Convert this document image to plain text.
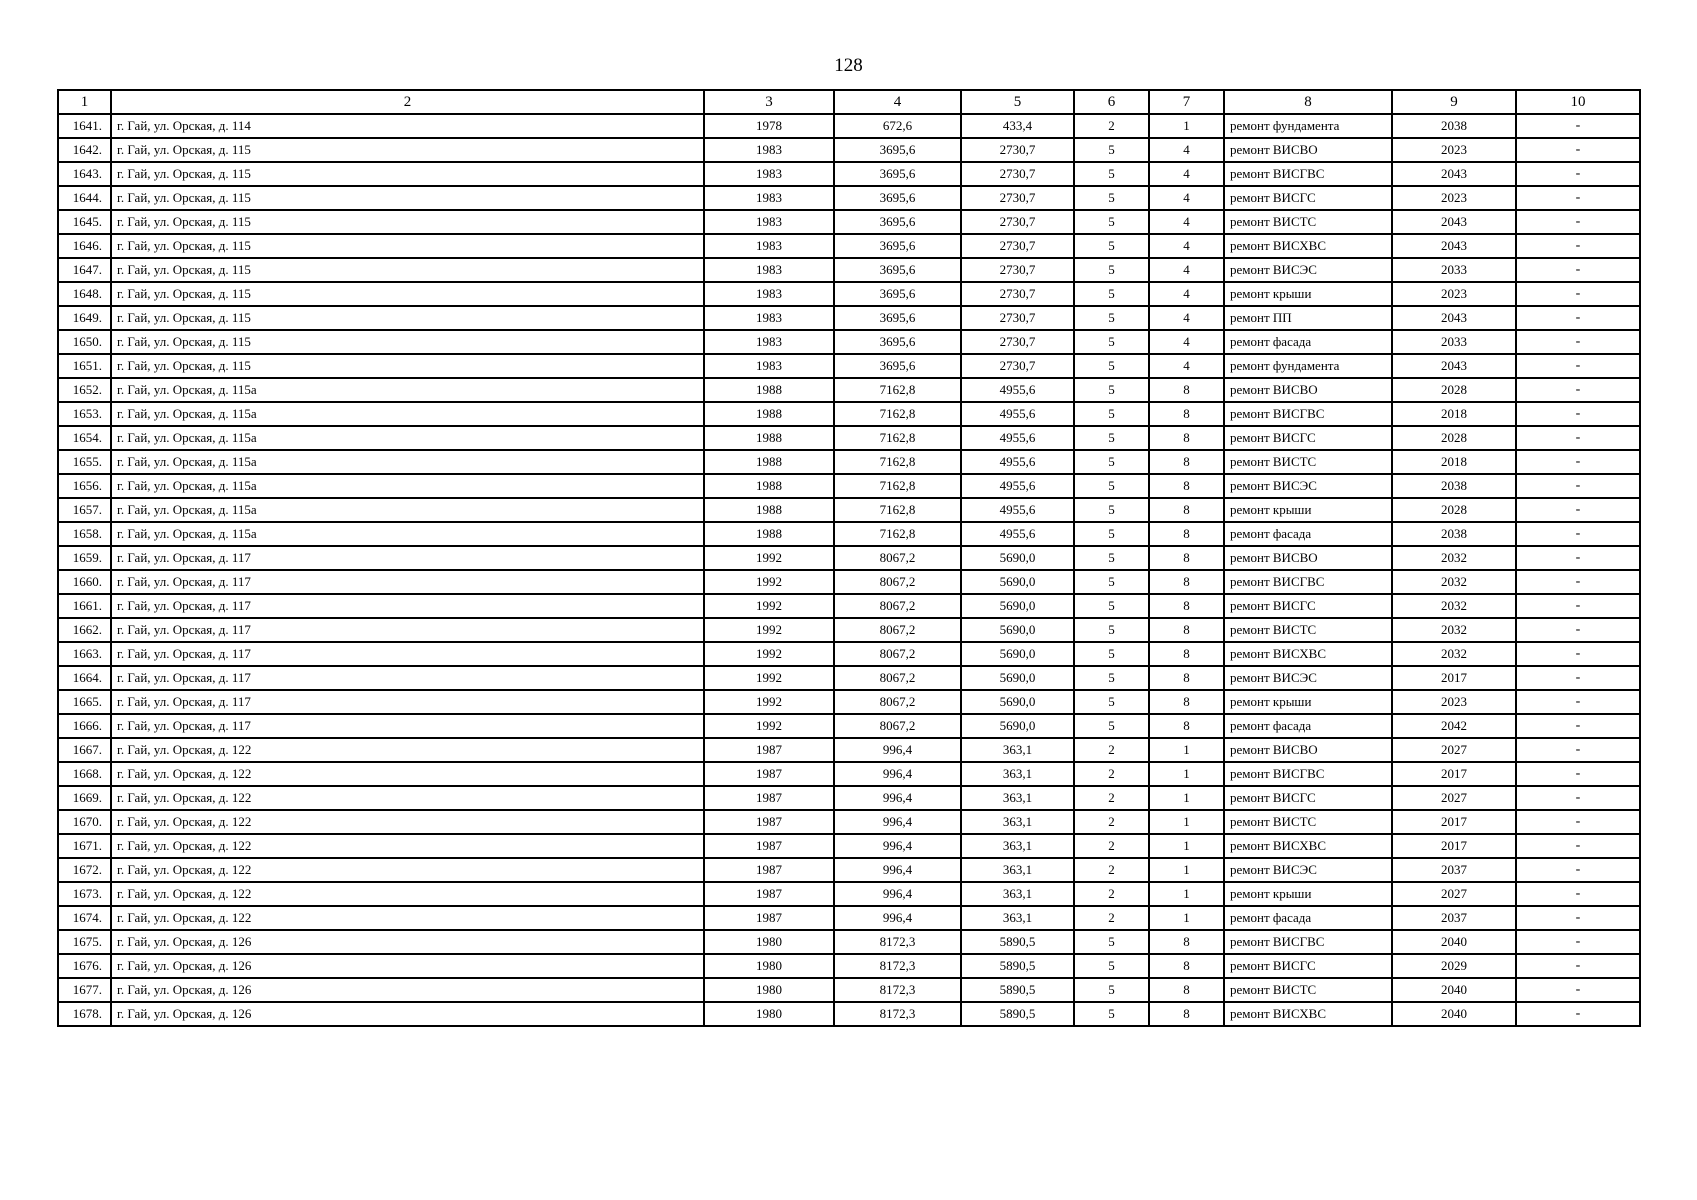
128
1	2	3	4	5	6	7	8	9	10
1641.	г. Гай, ул. Орская, д. 114	1978	672,6	433,4	2	1	ремонт фундамента	2038	-
1642.	г. Гай, ул. Орская, д. 115	1983	3695,6	2730,7	5	4	ремонт ВИСВО	2023	-
1643.	г. Гай, ул. Орская, д. 115	1983	3695,6	2730,7	5	4	ремонт ВИСГВС	2043	-
1644.	г. Гай, ул. Орская, д. 115	1983	3695,6	2730,7	5	4	ремонт ВИСГС	2023	-
1645.	г. Гай, ул. Орская, д. 115	1983	3695,6	2730,7	5	4	ремонт ВИСТС	2043	-
1646.	г. Гай, ул. Орская, д. 115	1983	3695,6	2730,7	5	4	ремонт ВИСХВС	2043	-
1647.	г. Гай, ул. Орская, д. 115	1983	3695,6	2730,7	5	4	ремонт ВИСЭС	2033	-
1648.	г. Гай, ул. Орская, д. 115	1983	3695,6	2730,7	5	4	ремонт крыши	2023	-
1649.	г. Гай, ул. Орская, д. 115	1983	3695,6	2730,7	5	4	ремонт ПП	2043	-
1650.	г. Гай, ул. Орская, д. 115	1983	3695,6	2730,7	5	4	ремонт фасада	2033	-
1651.	г. Гай, ул. Орская, д. 115	1983	3695,6	2730,7	5	4	ремонт фундамента	2043	-
1652.	г. Гай, ул. Орская, д. 115а	1988	7162,8	4955,6	5	8	ремонт ВИСВО	2028	-
1653.	г. Гай, ул. Орская, д. 115а	1988	7162,8	4955,6	5	8	ремонт ВИСГВС	2018	-
1654.	г. Гай, ул. Орская, д. 115а	1988	7162,8	4955,6	5	8	ремонт ВИСГС	2028	-
1655.	г. Гай, ул. Орская, д. 115а	1988	7162,8	4955,6	5	8	ремонт ВИСТС	2018	-
1656.	г. Гай, ул. Орская, д. 115а	1988	7162,8	4955,6	5	8	ремонт ВИСЭС	2038	-
1657.	г. Гай, ул. Орская, д. 115а	1988	7162,8	4955,6	5	8	ремонт крыши	2028	-
1658.	г. Гай, ул. Орская, д. 115а	1988	7162,8	4955,6	5	8	ремонт фасада	2038	-
1659.	г. Гай, ул. Орская, д. 117	1992	8067,2	5690,0	5	8	ремонт ВИСВО	2032	-
1660.	г. Гай, ул. Орская, д. 117	1992	8067,2	5690,0	5	8	ремонт ВИСГВС	2032	-
1661.	г. Гай, ул. Орская, д. 117	1992	8067,2	5690,0	5	8	ремонт ВИСГС	2032	-
1662.	г. Гай, ул. Орская, д. 117	1992	8067,2	5690,0	5	8	ремонт ВИСТС	2032	-
1663.	г. Гай, ул. Орская, д. 117	1992	8067,2	5690,0	5	8	ремонт ВИСХВС	2032	-
1664.	г. Гай, ул. Орская, д. 117	1992	8067,2	5690,0	5	8	ремонт ВИСЭС	2017	-
1665.	г. Гай, ул. Орская, д. 117	1992	8067,2	5690,0	5	8	ремонт крыши	2023	-
1666.	г. Гай, ул. Орская, д. 117	1992	8067,2	5690,0	5	8	ремонт фасада	2042	-
1667.	г. Гай, ул. Орская, д. 122	1987	996,4	363,1	2	1	ремонт ВИСВО	2027	-
1668.	г. Гай, ул. Орская, д. 122	1987	996,4	363,1	2	1	ремонт ВИСГВС	2017	-
1669.	г. Гай, ул. Орская, д. 122	1987	996,4	363,1	2	1	ремонт ВИСГС	2027	-
1670.	г. Гай, ул. Орская, д. 122	1987	996,4	363,1	2	1	ремонт ВИСТС	2017	-
1671.	г. Гай, ул. Орская, д. 122	1987	996,4	363,1	2	1	ремонт ВИСХВС	2017	-
1672.	г. Гай, ул. Орская, д. 122	1987	996,4	363,1	2	1	ремонт ВИСЭС	2037	-
1673.	г. Гай, ул. Орская, д. 122	1987	996,4	363,1	2	1	ремонт крыши	2027	-
1674.	г. Гай, ул. Орская, д. 122	1987	996,4	363,1	2	1	ремонт фасада	2037	-
1675.	г. Гай, ул. Орская, д. 126	1980	8172,3	5890,5	5	8	ремонт ВИСГВС	2040	-
1676.	г. Гай, ул. Орская, д. 126	1980	8172,3	5890,5	5	8	ремонт ВИСГС	2029	-
1677.	г. Гай, ул. Орская, д. 126	1980	8172,3	5890,5	5	8	ремонт ВИСТС	2040	-
1678.	г. Гай, ул. Орская, д. 126	1980	8172,3	5890,5	5	8	ремонт ВИСХВС	2040	-
